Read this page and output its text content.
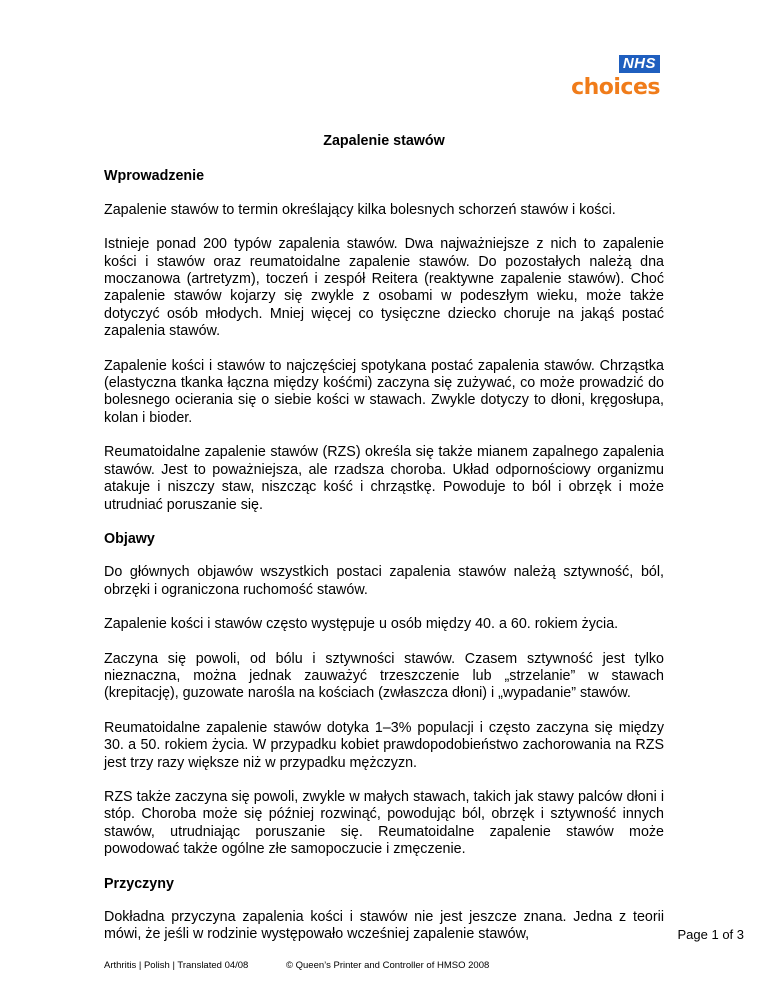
NHS
choices
Zapalenie stawów
Wprowadzenie

Zapalenie stawów to termin określający kilka bolesnych schorzeń stawów i kości.

Istnieje ponad 200 typów zapalenia stawów. Dwa najważniejsze z nich to zapalenie kości i stawów oraz reumatoidalne zapalenie stawów. Do pozostałych należą dna moczanowa (artretyzm), toczeń i zespół Reitera (reaktywne zapalenie stawów). Choć zapalenie stawów kojarzy się zwykle z osobami w podeszłym wieku, może także dotyczyć osób młodych. Mniej więcej co tysięczne dziecko choruje na jakąś postać zapalenia stawów.

Zapalenie kości i stawów to najczęściej spotykana postać zapalenia stawów. Chrząstka (elastyczna tkanka łączna między kośćmi) zaczyna się zużywać, co może prowadzić do bolesnego ocierania się o siebie kości w stawach. Zwykle dotyczy to dłoni, kręgosłupa, kolan i bioder.

Reumatoidalne zapalenie stawów (RZS) określa się także mianem zapalnego zapalenia stawów. Jest to poważniejsza, ale rzadsza choroba. Układ odpornościowy organizmu atakuje i niszczy staw, niszcząc kość i chrząstkę. Powoduje to ból i obrzęk i może utrudniać poruszanie się.

Objawy

Do głównych objawów wszystkich postaci zapalenia stawów należą sztywność, ból, obrzęki i ograniczona ruchomość stawów.

Zapalenie kości i stawów często występuje u osób między 40. a 60. rokiem życia.

Zaczyna się powoli, od bólu i sztywności stawów. Czasem sztywność jest tylko nieznaczna, można jednak zauważyć trzeszczenie lub „strzelanie” w stawach (krepitację), guzowate narośla na kościach (zwłaszcza dłoni) i „wypadanie” stawów.

Reumatoidalne zapalenie stawów dotyka 1–3% populacji i często zaczyna się między 30. a 50. rokiem życia. W przypadku kobiet prawdopodobieństwo zachorowania na RZS jest trzy razy większe niż w przypadku mężczyzn.

RZS także zaczyna się powoli, zwykle w małych stawach, takich jak stawy palców dłoni i stóp. Choroba może się później rozwinąć, powodując ból, obrzęk i sztywność innych stawów, utrudniając poruszanie się. Reumatoidalne zapalenie stawów może powodować także ogólne złe samopoczucie i zmęczenie.

Przyczyny

Dokładna przyczyna zapalenia kości i stawów nie jest jeszcze znana. Jedna z teorii mówi, że jeśli w rodzinie występowało wcześniej zapalenie stawów,	Page 1 of 3
Arthritis | Polish | Translated 04/08	© Queen’s Printer and Controller of HMSO 2008
